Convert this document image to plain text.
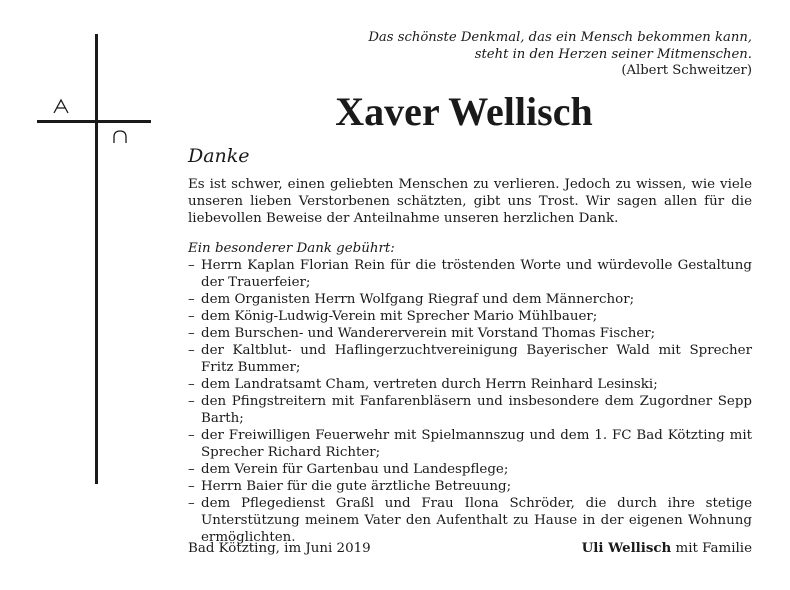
Das schönste Denkmal, das ein Mensch bekommen kann,
steht in den Herzen seiner Mitmenschen.
(Albert Schweitzer)
Xaver Wellisch
Danke

Es ist schwer, einen geliebten Menschen zu verlieren. Jedoch zu wissen, wie viele unseren lieben Verstorbenen schätzten, gibt uns Trost. Wir sagen allen für die liebevollen Beweise der Anteilnahme unseren herzlichen Dank.

Ein besonderer Dank gebührt:

– Herrn Kaplan Florian Rein für die tröstenden Worte und würdevolle Gestaltung der Trauerfeier;
– dem Organisten Herrn Wolfgang Riegraf und dem Männerchor;
– dem König-Ludwig-Verein mit Sprecher Mario Mühlbauer;
– dem Burschen- und Wandererverein mit Vorstand Thomas Fischer;
– der Kaltblut- und Haflingerzuchtvereinigung Bayerischer Wald mit Sprecher Fritz Bummer;
– dem Landratsamt Cham, vertreten durch Herrn Reinhard Lesinski;
– den Pfingstreitern mit Fanfarenbläsern und insbesondere dem Zugordner Sepp Barth;
– der Freiwilligen Feuerwehr mit Spielmannszug und dem 1. FC Bad Kötzting mit Sprecher Richard Richter;
– dem Verein für Gartenbau und Landespflege;
– Herrn Baier für die gute ärztliche Betreuung;
– dem Pflegedienst Graßl und Frau Ilona Schröder, die durch ihre stetige Unterstützung meinem Vater den Aufenthalt zu Hause in der eigenen Wohnung ermöglichten.
Bad Kötzting, im Juni 2019	Uli Wellisch mit Familie
